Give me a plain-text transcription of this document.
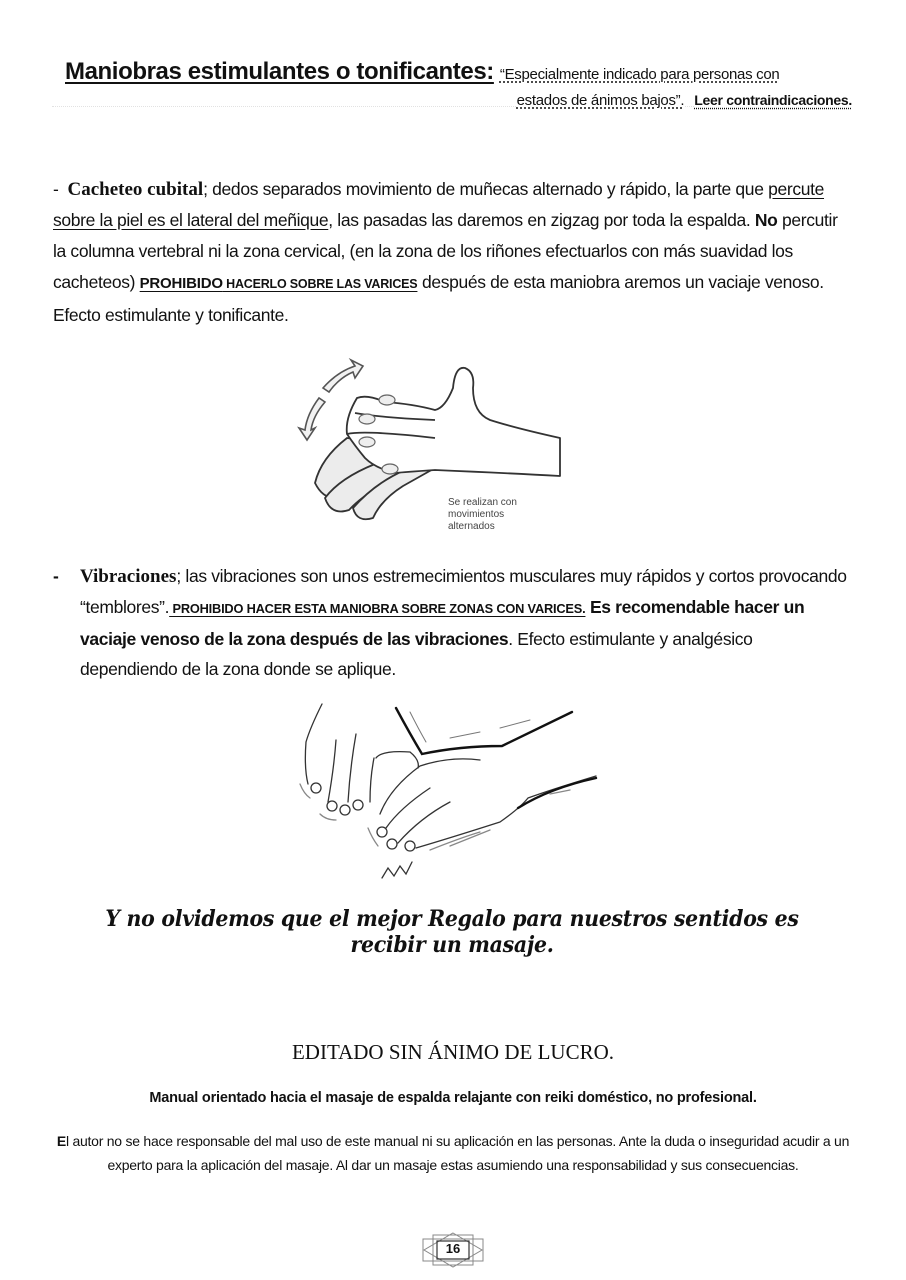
Maniobras estimulantes o tonificantes: “Especialmente indicado para personas con
estados de ánimos bajos”. Leer contraindicaciones.
- Cacheteo cubital; dedos separados movimiento de muñecas alternado y rápido, la parte que percute sobre la piel es el lateral del meñique, las pasadas las daremos en zigzag por toda la espalda. No percutir la columna vertebral ni la zona cervical, (en la zona de los riñones efectuarlos con más suavidad los cacheteos) PROHIBIDO HACERLO SOBRE LAS VARICES después de esta maniobra aremos un vaciaje venoso. Efecto estimulante y tonificante.
Se realizan con
movimientos
alternados
-	Vibraciones; las vibraciones son unos estremecimientos musculares muy rápidos y cortos provocando “temblores”. PROHIBIDO HACER ESTA MANIOBRA SOBRE ZONAS CON VARICES. Es recomendable hacer un vaciaje venoso de la zona después de las vibraciones. Efecto estimulante y analgésico dependiendo de la zona donde se aplique.
Y no olvidemos que el mejor Regalo para nuestros sentidos es recibir un masaje.
EDITADO SIN ÁNIMO DE LUCRO.
Manual orientado hacia el masaje de espalda relajante con reiki doméstico, no profesional.
El autor no se hace responsable del mal uso de este manual ni su aplicación en las personas. Ante la duda o inseguridad acudir a un experto para la aplicación del masaje. Al dar un masaje estas asumiendo una responsabilidad y sus consecuencias.
16
